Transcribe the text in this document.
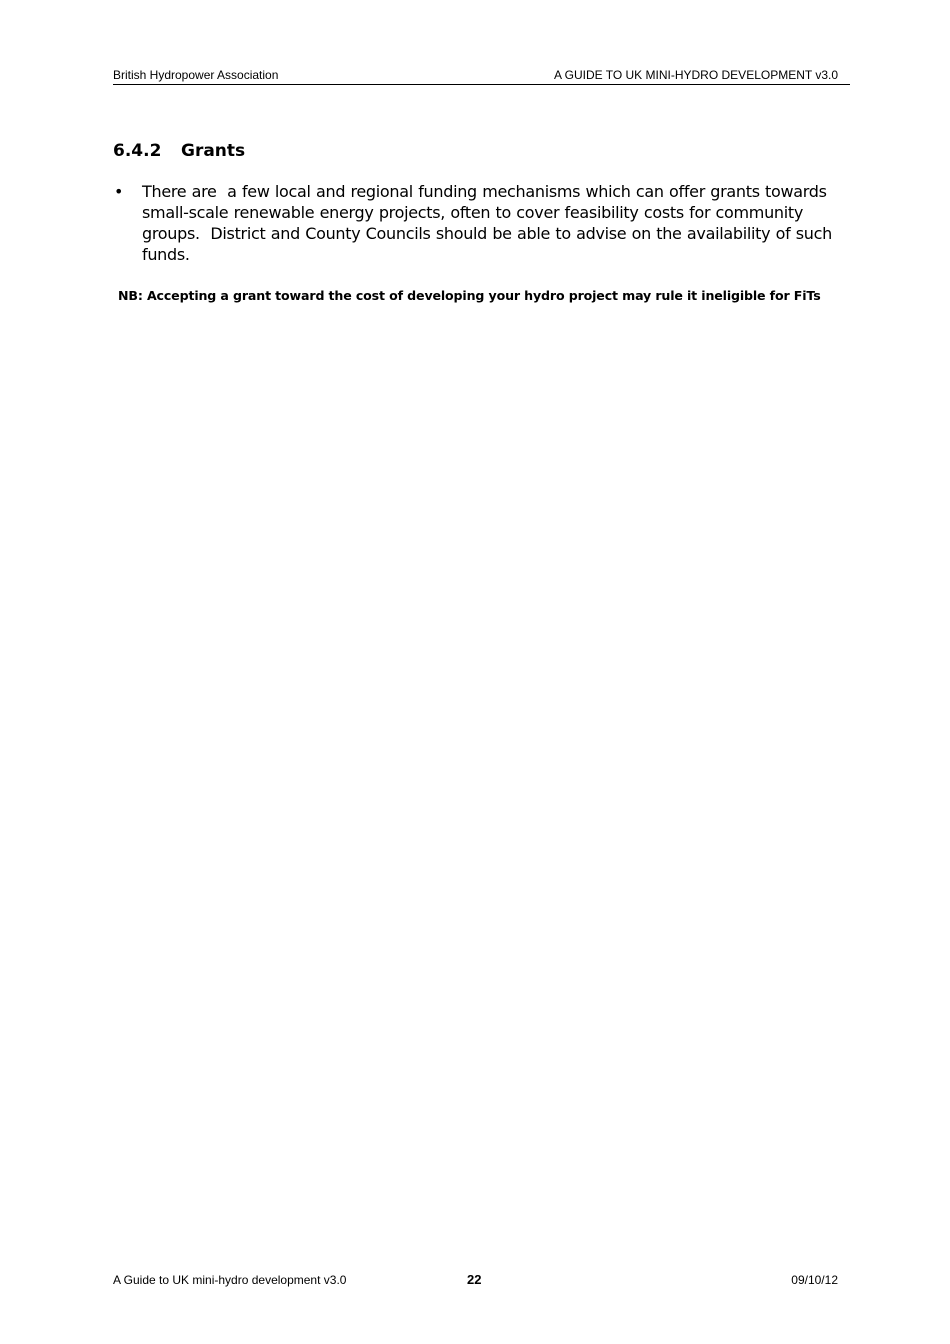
British Hydropower Association	A GUIDE TO UK MINI-HYDRO DEVELOPMENT v3.0
6.4.2 Grants
• There are  a few local and regional funding mechanisms which can offer grants towards small-scale renewable energy projects, often to cover feasibility costs for community groups.  District and County Councils should be able to advise on the availability of such funds.
NB: Accepting a grant toward the cost of developing your hydro project may rule it ineligible for FiTs
A Guide to UK mini-hydro development v3.0	22	09/10/12
